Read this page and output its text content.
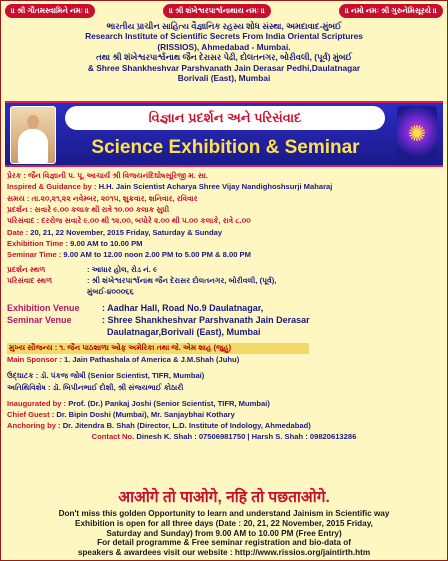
॥ શ્રી ગૌતમસ્વામિને નમઃ ॥	॥ શ્રી શંખેશ્વરપાર્શ્વનાથાય નમઃ ॥	॥ નમો નમઃ શ્રી ગુરુનેમિસૂરયે ॥
ભારતીય પ્રાચીન સાહિત્ય વૈજ્ઞાનિક રહસ્ય શોધ સંસ્થા, અમદાવાદ-મુંબઈ
Research Institute of Scientific Secrets From India Oriental Scriptures
(RISSIOS), Ahmedabad - Mumbai.
તથા શ્રી શંખેશ્વરપાર્શ્વનાથ જૈન દેરાસર પેઢી, દોલતનગર, બોરીવલી, (પૂર્વ) મુંબઈ
& Shree Shankheshvar Parshvanath Jain Derasar Pedhi,Daulatnagar
Borivali (East), Mumbai
વિજ્ઞાન પ્રદર્શન અને પરિસંવાદ
Science Exhibition & Seminar
✺
પ્રેરક : જૈન વિજ્ઞાની પ. પૂ. આચાર્ય શ્રી વિજયનંદિઘોષસૂરિજી મ. સા.
Inspired & Guidance by : H.H. Jain Scientist Acharya Shree Vijay Nandighoshsurji Maharaj
સમય : તા.૨૦,૨૧,૨૨ નવેમ્બર, ૨૦૧૫, શુક્રવાર, શનિવાર, રવિવાર
પ્રદર્શન : સવારે ૯.૦૦ કલાક થી રાત્રે ૧૦.૦૦ કલાક સુધી
પરિસંવાદ : દરરોજ સવારે ૯.૦૦ થી ૧૨.૦૦, બપોરે ૨.૦૦ થી ૫.૦૦ કલાકે, રાત્રે ૮.૦૦
Date : 20, 21, 22 November, 2015 Friday, Saturday & Sunday
Exhibition Time : 9.00 AM to 10.00 PM
Seminar Time : 9.00 AM to 12.00 noon 2.00 PM to 5.00 PM & 8.00 PM
પ્રદર્શન સ્થળ	: આધાર હોલ, રોડ નં. ૯
પરિસંવાદ સ્થળ	: શ્રી શંખેશ્વરપાર્શ્વનાથ જૈન દેરાસર દોલતનગર, બોરીવલી, (પૂર્વ),
મુંબઈ-૪૦૦૦૬૬
Exhibition Venue : Aadhar Hall, Road No.9 Daulatnagar,
Seminar Venue	: Shree Shankheshvar Parshvanath Jain Derasar
Daulatnagar,Borivali (East), Mumbai
મુખ્ય સૌજન્ય : ૧. જૈન પાઠશાળા ઓફ અમેરિકા તથા જે. એમ શાહ (જુહુ)
Main Sponsor : 1. Jain Pathashala of America & J.M.Shah (Juhu)
ઉદ્ઘાટક : ડૉ. પંકજ જોષી (Senior Scientist, TIFR, Mumbai)
અતિથિવિશેષ : ડૉ. બિપીનભાઈ દોશી, શ્રી સંજયભાઈ કોઠારી
Inaugurated by : Prof. (Dr.) Pankaj Joshi (Senior Scientist, TIFR, Mumbai)
Chief Guest : Dr. Bipin Doshi (Mumbai), Mr. Sanjaybhai Kothary
Anchoring by : Dr. Jitendra B. Shah (Director, L.D. Institute of Indology, Ahmedabad)
Contact No. Dinesh K. Shah : 07506981750 | Harsh S. Shah : 09820613286
आओगे तो पाओगे, नहि तो पछताओगे.
Don't miss this golden Opportunity to learn and understand Jainism in Scientific way
Exhibition is open for all three days (Date : 20, 21, 22 November, 2015 Friday,
Saturday and Sunday) from 9.00 AM to 10.00 PM (Free Entry)
For detail programme & Free seminar registration and bio-data of
speakers & awardees visit our website : http://www.rissios.org/jaintirth.htm
